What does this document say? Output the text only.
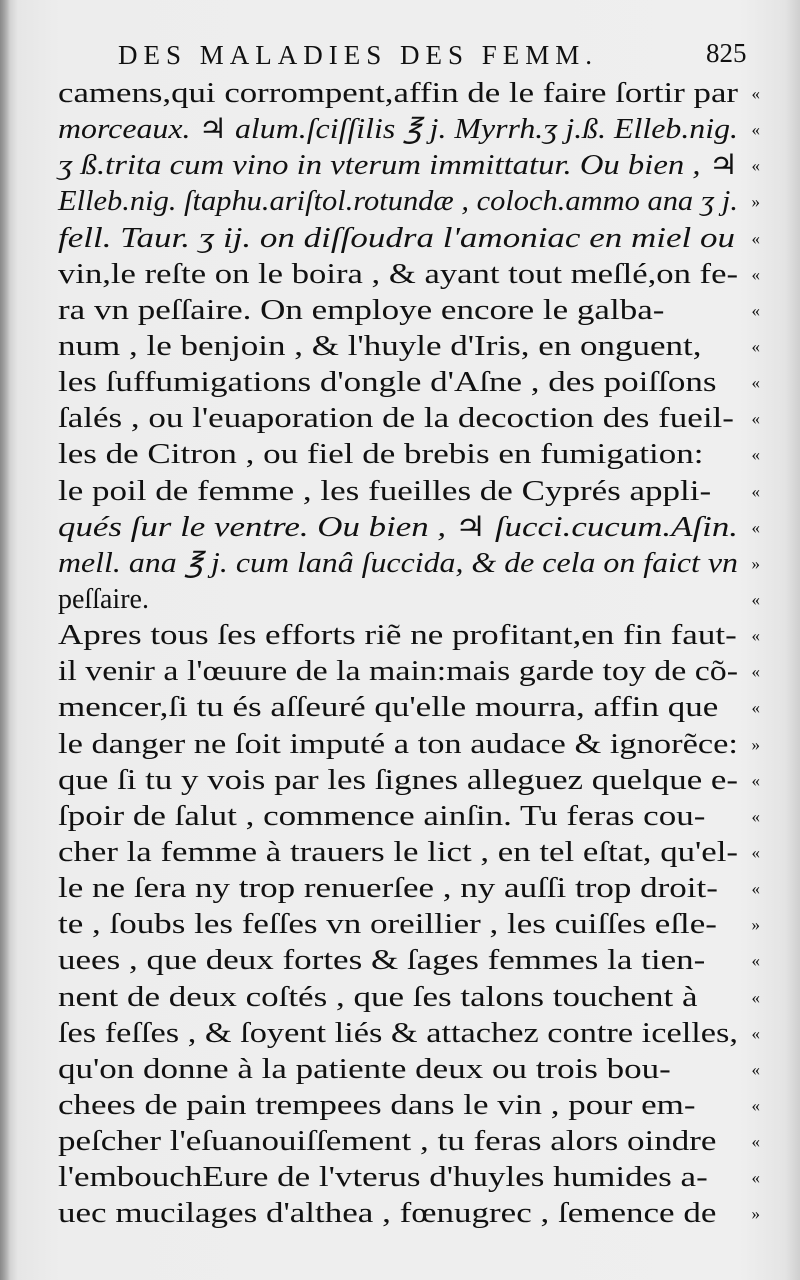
DES MALADIES DES FEMM.	825
camens,qui corrompent,affin de le faire ſortir par «
morceaux. ♃ alum.ſciſſilis ℥ j. Myrrh.ʒ j.ß. Elleb.nig. «
ʒ ß.trita cum vino in vterum immittatur. Ou bien , ♃ «
Elleb.nig. ſtaphu.ariſtol.rotundæ , coloch.ammo ana ʒ j. »
fell. Taur. ʒ ij. on diſſoudra l'amoniac en miel ou «
vin,le reſte on le boira , & ayant tout meſlé,on fe- «
ra vn peſſaire. On employe encore le galba-	«
num , le benjoin , & l'huyle d'Iris, en onguent,	«
les ſuffumigations d'ongle d'Aſne , des poiſſons «
ſalés , ou l'euaporation de la decoction des fueil- «
les de Citron , ou fiel de brebis en fumigation:	«
le poil de femme , les fueilles de Cyprés appli- «
qués ſur le ventre. Ou bien , ♃ ſucci.cucum.Aſin. «
mell. ana ℥ j. cum lanâ ſuccida, & de cela on faict vn »
peſſaire.	«
Apres tous ſes efforts riẽ ne profitant,en fin faut- «
il venir a l'œuure de la main:mais garde toy de cõ- «
mencer,ſi tu és aſſeuré qu'elle mourra, affin que «
le danger ne ſoit imputé a ton audace & ignorẽce: »
que ſi tu y vois par les ſignes alleguez quelque e- «
ſpoir de ſalut , commence ainſin. Tu feras cou-	«
cher la femme à trauers le lict , en tel eſtat, qu'el- «
le ne ſera ny trop renuerſee , ny auſſi trop droit- «
te , ſoubs les feſſes vn oreillier , les cuiſſes eſle- »
uees , que deux fortes & ſages femmes la tien-	«
nent de deux coſtés , que ſes talons touchent à	«
ſes feſſes , & ſoyent liés & attachez contre icelles, «
qu'on donne à la patiente deux ou trois bou-	«
chees de pain trempees dans le vin , pour em-	«
peſcher l'eſuanouiſſement , tu feras alors oindre «
l'embouchEure de l'vterus d'huyles humides a-	«
uec mucilages d'althea , fœnugrec , ſemence de »
